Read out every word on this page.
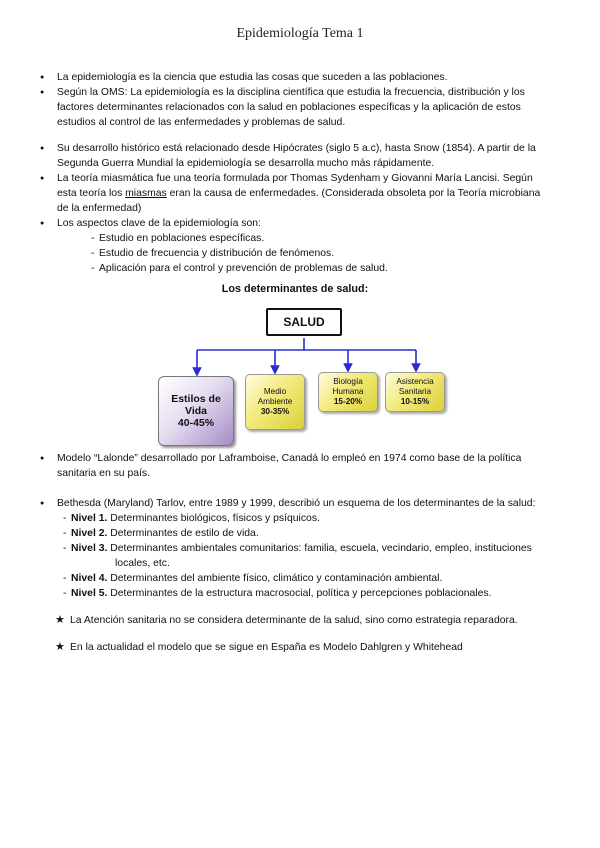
Epidemiología Tema 1
● La epidemiología es la ciencia que estudia las cosas que suceden a las poblaciones.
● Según la OMS: La epidemiología es la disciplina científica que estudia la frecuencia, distribución y los factores determinantes relacionados con la salud en poblaciones específicas y la aplicación de estos estudios al control de las enfermedades y problemas de salud.
● Su desarrollo histórico está relacionado desde Hipócrates (siglo 5 a.c), hasta Snow (1854). A partir de la Segunda Guerra Mundial la epidemiología se desarrolla mucho más rápidamente.
● La teoría miasmática fue una teoría formulada por Thomas Sydenham y Giovanni María Lancisi. Según esta teoría los miasmas eran la causa de enfermedades. (Considerada obsoleta por la Teoría microbiana de la enfermedad)
● Los aspectos clave de la epidemiología son:
- Estudio en poblaciones específicas.
- Estudio de frecuencia y distribución de fenómenos.
- Aplicación para el control y prevención de problemas de salud.
Los determinantes de salud:
SALUD
Estilos de
Vida
40-45%
Medio
Ambiente
30-35%
Biología
Humana
15-20%
Asistencia
Sanitaria
10-15%
● Modelo “Lalonde” desarrollado por Laframboise, Canadá lo empleó en 1974 como base de la política sanitaria en su país.
● Bethesda (Maryland) Tarlov, entre 1989 y 1999, describió un esquema de los determinantes de la salud:
- Nivel 1. Determinantes biológicos, físicos y psíquicos.
- Nivel 2. Determinantes de estilo de vida.
- Nivel 3. Determinantes ambientales comunitarios: familia, escuela, vecindario, empleo, instituciones
locales, etc.
- Nivel 4. Determinantes del ambiente físico, climático y contaminación ambiental.
- Nivel 5. Determinantes de la estructura macrosocial, política y percepciones poblacionales.
★ La Atención sanitaria no se considera determinante de la salud, sino como estrategia reparadora.
★ En la actualidad el modelo que se sigue en España es Modelo Dahlgren y Whitehead
